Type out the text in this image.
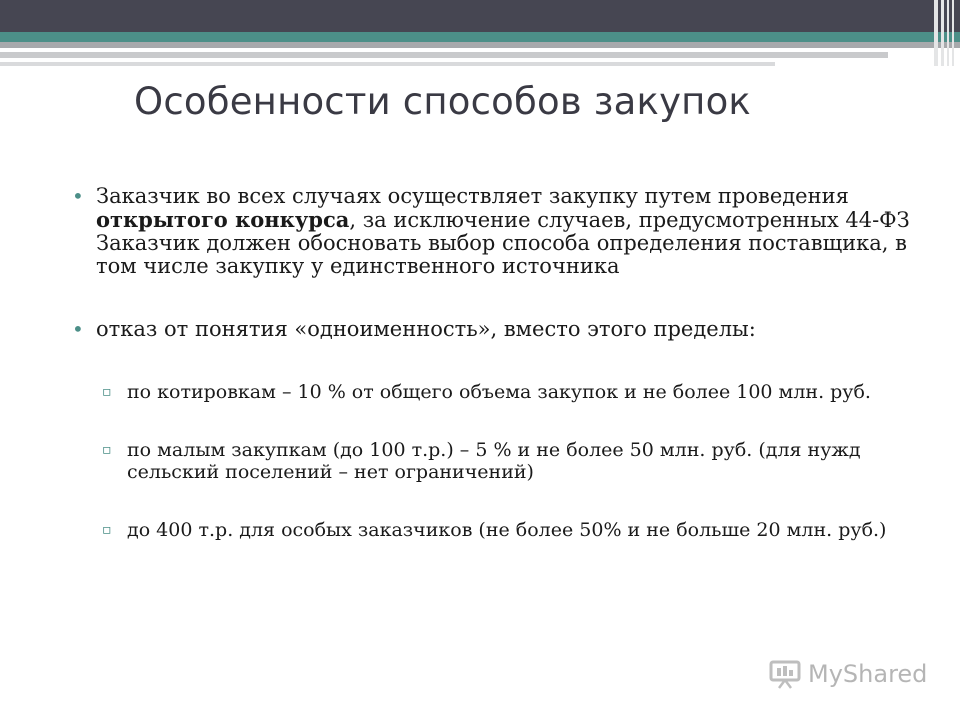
Особенности способов закупок
• Заказчик во всех случаях осуществляет закупку путем проведения открытого конкурса, за исключение случаев, предусмотренных 44-ФЗ Заказчик должен обосновать выбор способа определения поставщика, в том числе закупку у единственного источника
• отказ от понятия «одноименность», вместо этого пределы:
▫ по котировкам – 10 % от общего объема закупок и не более 100 млн. руб.
▫ по малым закупкам (до 100 т.р.) – 5 % и не более 50 млн. руб. (для нужд сельский поселений – нет ограничений)
▫ до 400 т.р. для особых заказчиков (не более 50% и не больше 20 млн. руб.)
MyShared
